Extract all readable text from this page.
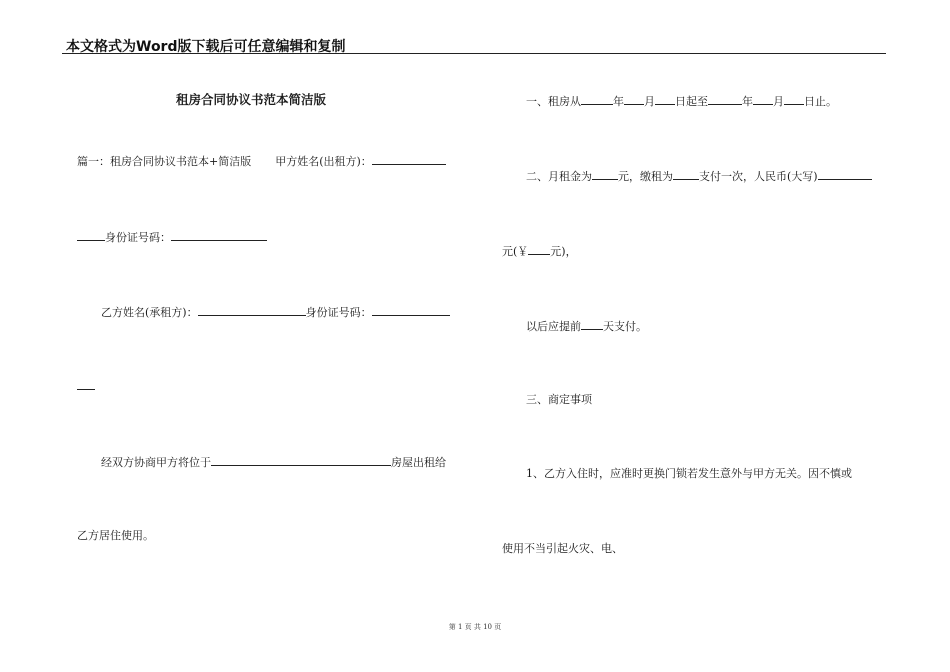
本文格式为Word版下载后可任意编辑和复制
租房合同协议书范本简洁版
篇一：租房合同协议书范本+简洁版 甲方姓名(出租方)：
身份证号码：
乙方姓名(承租方)：	身份证号码：
经双方协商甲方将位于	房屋出租给
乙方居住使用。
一、租房从	年 月 日起至	年 月 日止。
二、月租金为 元，缴租为 支付一次，人民币(大写)
元(￥ 元)，
以后应提前 天支付。
三、商定事项
1、乙方入住时，应准时更换门锁若发生意外与甲方无关。因不慎或
使用不当引起火灾、电、
第 1 页 共 10 页
